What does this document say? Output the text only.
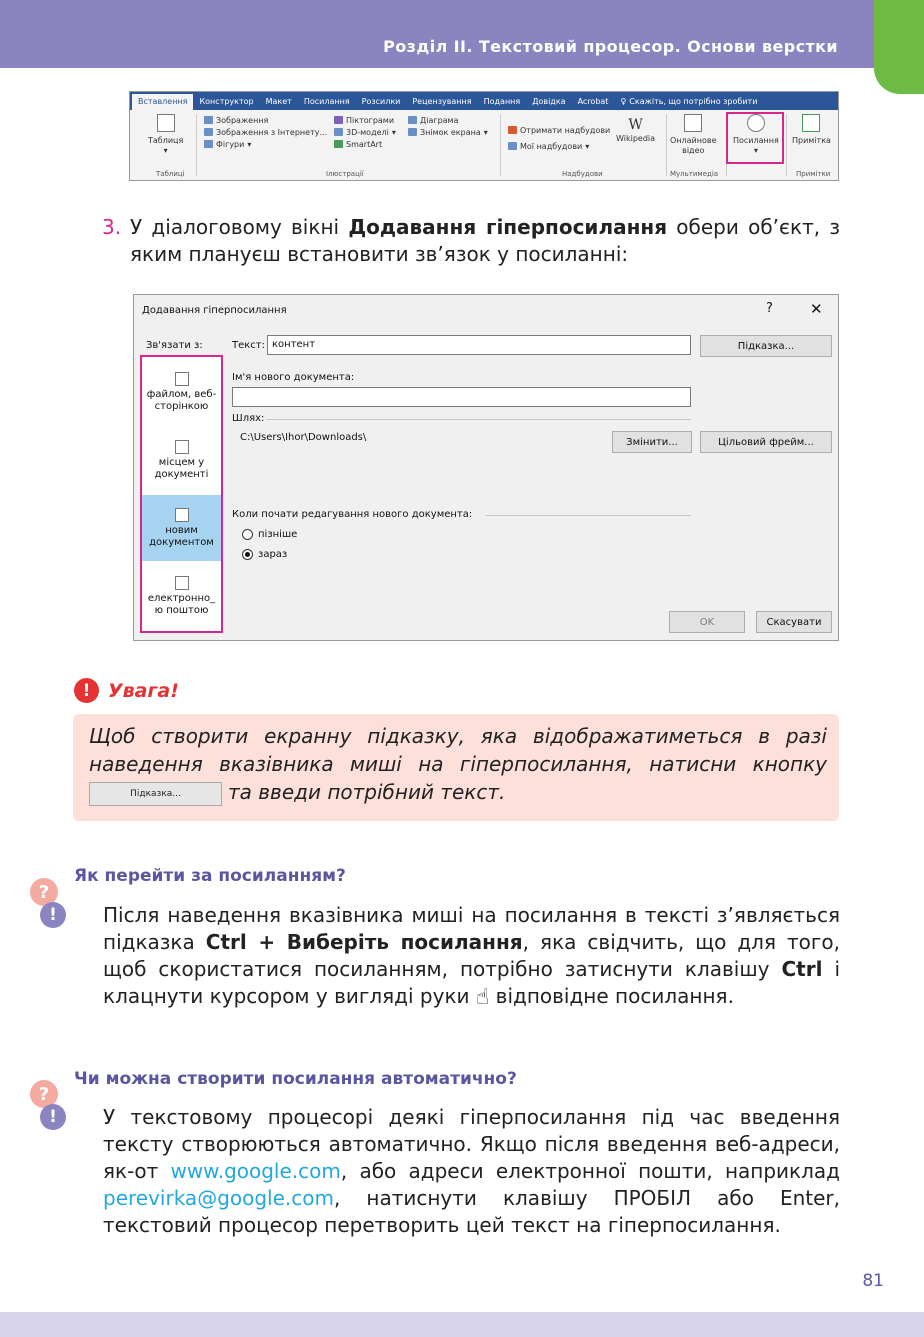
Розділ II. Текстовий процесор. Основи верстки
Вставлення	Конструктор	Макет	Посилання	Розсилки	Рецензування	Подання	Довідка	Acrobat	♀ Скажіть, що потрібно зробити
Таблиця
▾
Таблиці
Зображення
Зображення з Інтернету...
Фігури ▾
Піктограми
3D-моделі ▾
SmartArt
Діаграма
Знімок екрана ▾
Ілюстрації
Отримати надбудови
Мої надбудови ▾
W
Wikipedia
Надбудови
Онлайнове
відео
Мультимедіа
Посилання
▾
Примітка
Примітки
3. У діалоговому вікні Додавання гіперпосилання обери об’єкт, з яким плануєш встановити зв’язок у посиланні:
Додавання гіперпосилання	? ✕
Зв'язати з:	Текст: контент	Підказка...
Ім'я нового документа:
Шлях:
C:\Users\Ihor\Downloads\	Змінити...	Цільовий фрейм...
файлом, веб-
сторінкою
місцем у
документі
новим
документом
електронно_
ю поштою
Коли почати редагування нового документа:
пізніше
зараз
OK	Скасувати
! Увага!
Щоб створити екранну підказку, яка відображатиметься в разі наведення вказівника миші на гіперпосилання, натисни кнопку Підказка... та введи потрібний текст.
?
!
Як перейти за посиланням?
Після наведення вказівника миші на посилання в тексті з’являється підказка Ctrl + Виберіть посилання, яка свідчить, що для того, щоб скористатися посиланням, потрібно затиснути клавішу Ctrl і клацнути курсором у вигляді руки ☝ відповідне посилання.
?
!
Чи можна створити посилання автоматично?
У текстовому процесорі деякі гіперпосилання під час введення тексту створюються автоматично. Якщо після введення веб-адреси, як-от www.google.com, або адреси електронної пошти, наприклад perevirka@google.com, натиснути клавішу ПРОБІЛ або Enter, текстовий процесор перетворить цей текст на гіперпосилання.
81
